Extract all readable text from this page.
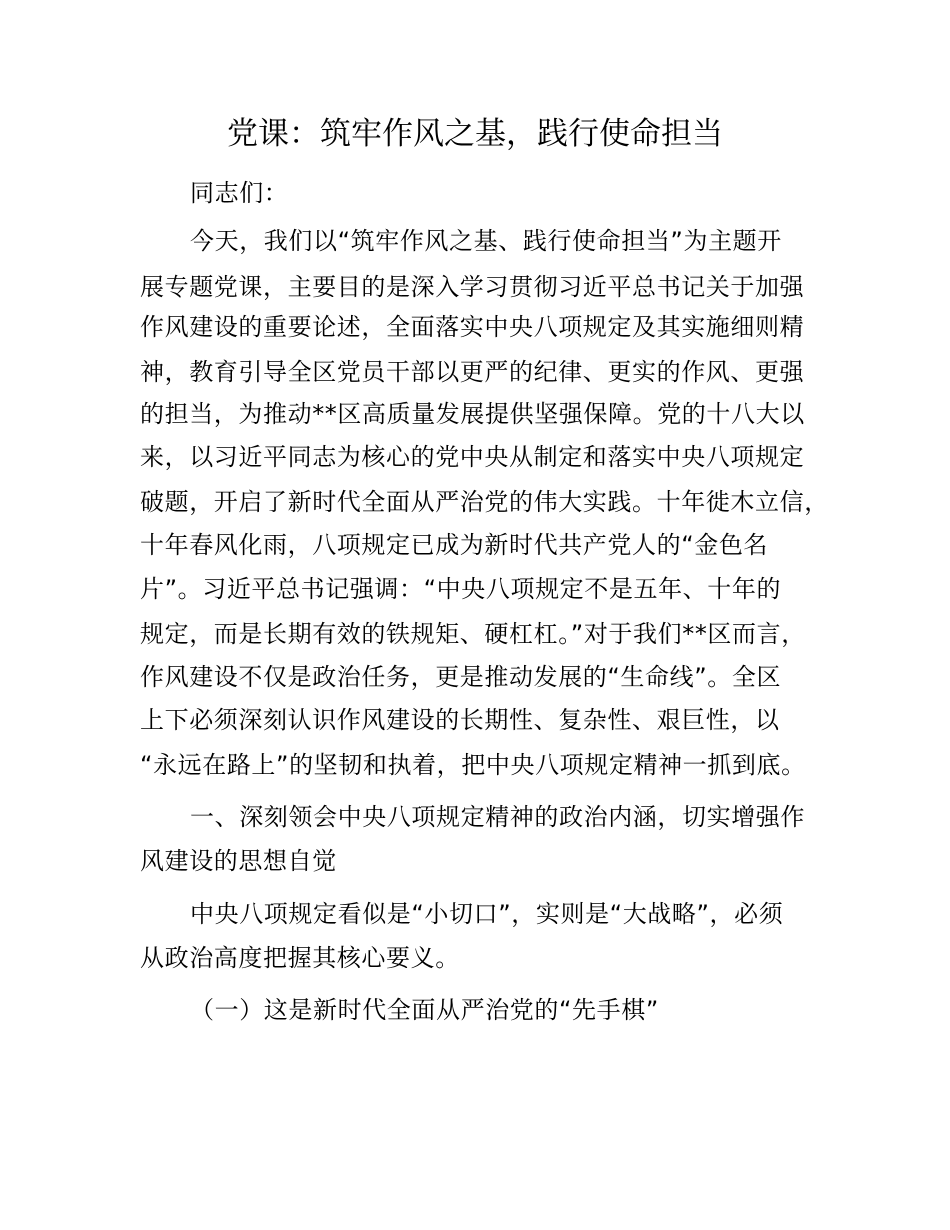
党课：筑牢作风之基，践行使命担当
同志们：
今天，我们以“筑牢作风之基、践行使命担当”为主题开
展专题党课，主要目的是深入学习贯彻习近平总书记关于加强
作风建设的重要论述，全面落实中央八项规定及其实施细则精
神，教育引导全区党员干部以更严的纪律、更实的作风、更强
的担当，为推动**区高质量发展提供坚强保障。党的十八大以
来，以习近平同志为核心的党中央从制定和落实中央八项规定
破题，开启了新时代全面从严治党的伟大实践。十年徙木立信，
十年春风化雨，八项规定已成为新时代共产党人的“金色名
片”。习近平总书记强调：“中央八项规定不是五年、十年的
规定，而是长期有效的铁规矩、硬杠杠。”对于我们**区而言，
作风建设不仅是政治任务，更是推动发展的“生命线”。全区
上下必须深刻认识作风建设的长期性、复杂性、艰巨性，以
“永远在路上”的坚韧和执着，把中央八项规定精神一抓到底。
一、深刻领会中央八项规定精神的政治内涵，切实增强作
风建设的思想自觉
中央八项规定看似是“小切口”，实则是“大战略”，必须
从政治高度把握其核心要义。
（一）这是新时代全面从严治党的“先手棋”
